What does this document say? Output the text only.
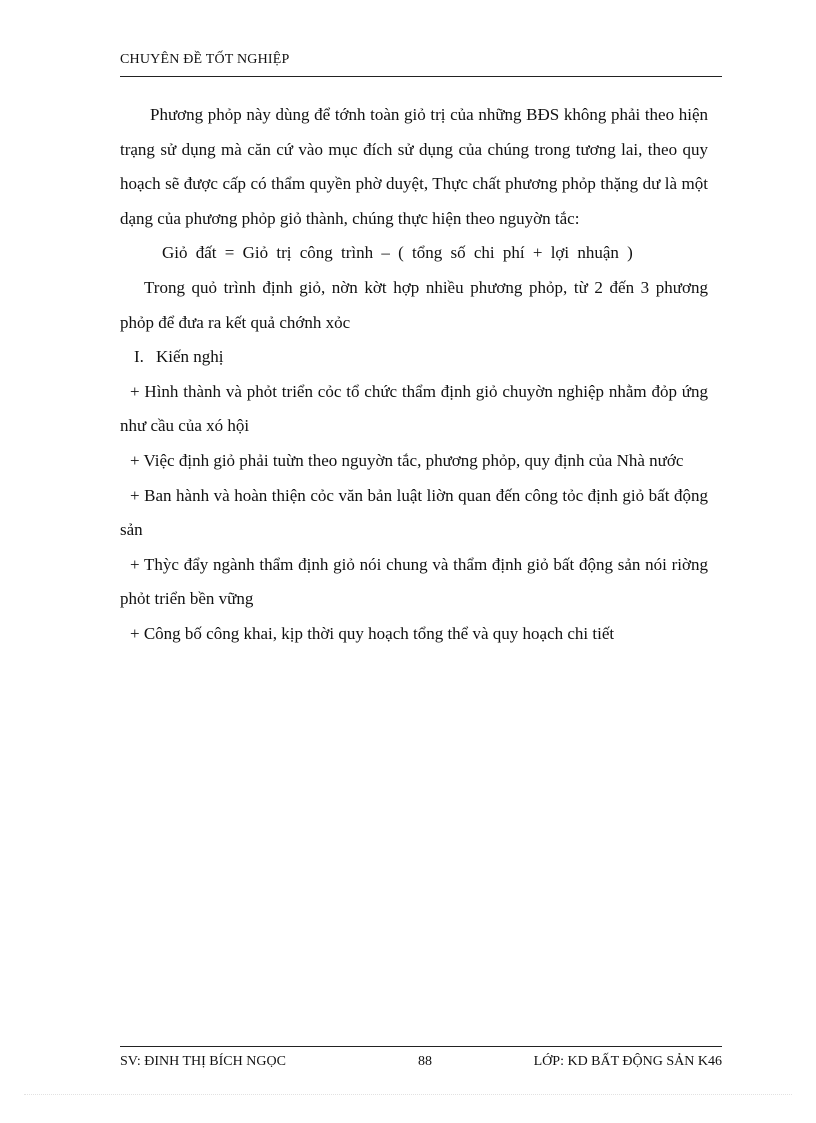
CHUYÊN ĐỀ TỐT NGHIỆP

Phương phỏp này dùng để tớnh toàn giỏ trị của những BĐS không phải theo hiện trạng sử dụng mà căn cứ vào mục đích sử dụng của chúng trong tương lai, theo quy hoạch sẽ được cấp có thẩm quyền phờ duyệt, Thực chất phương phỏp thặng dư là một dạng của phương phỏp giỏ thành, chúng thực hiện theo nguyờn tắc:

Giỏ đất = Giỏ trị công trình – ( tổng số chi phí + lợi nhuận )

Trong quỏ trình định giỏ, nờn kờt hợp nhiều phương phỏp, từ 2 đến 3 phương phỏp để đưa ra kết quả chớnh xỏc

I. Kiến nghị

+ Hình thành và phỏt triển cỏc tổ chức thẩm định giỏ chuyờn nghiệp nhằm đỏp ứng như cầu của xó hội

+ Việc định giỏ phải tuừn theo nguyờn tắc, phương phỏp, quy định của Nhà nước

+ Ban hành và hoàn thiện cỏc văn bản luật liờn quan đến công tỏc định giỏ bất động sản

+ Thỳc đẩy ngành thẩm định giỏ nói chung và thẩm định giỏ bất động sản nói riờng phỏt triển bền vững

+ Công bố công khai, kịp thời quy hoạch tổng thể và quy hoạch chi tiết

SV: ĐINH THỊ BÍCH NGỌC	88	LỚP: KD BẤT ĐỘNG SẢN K46
